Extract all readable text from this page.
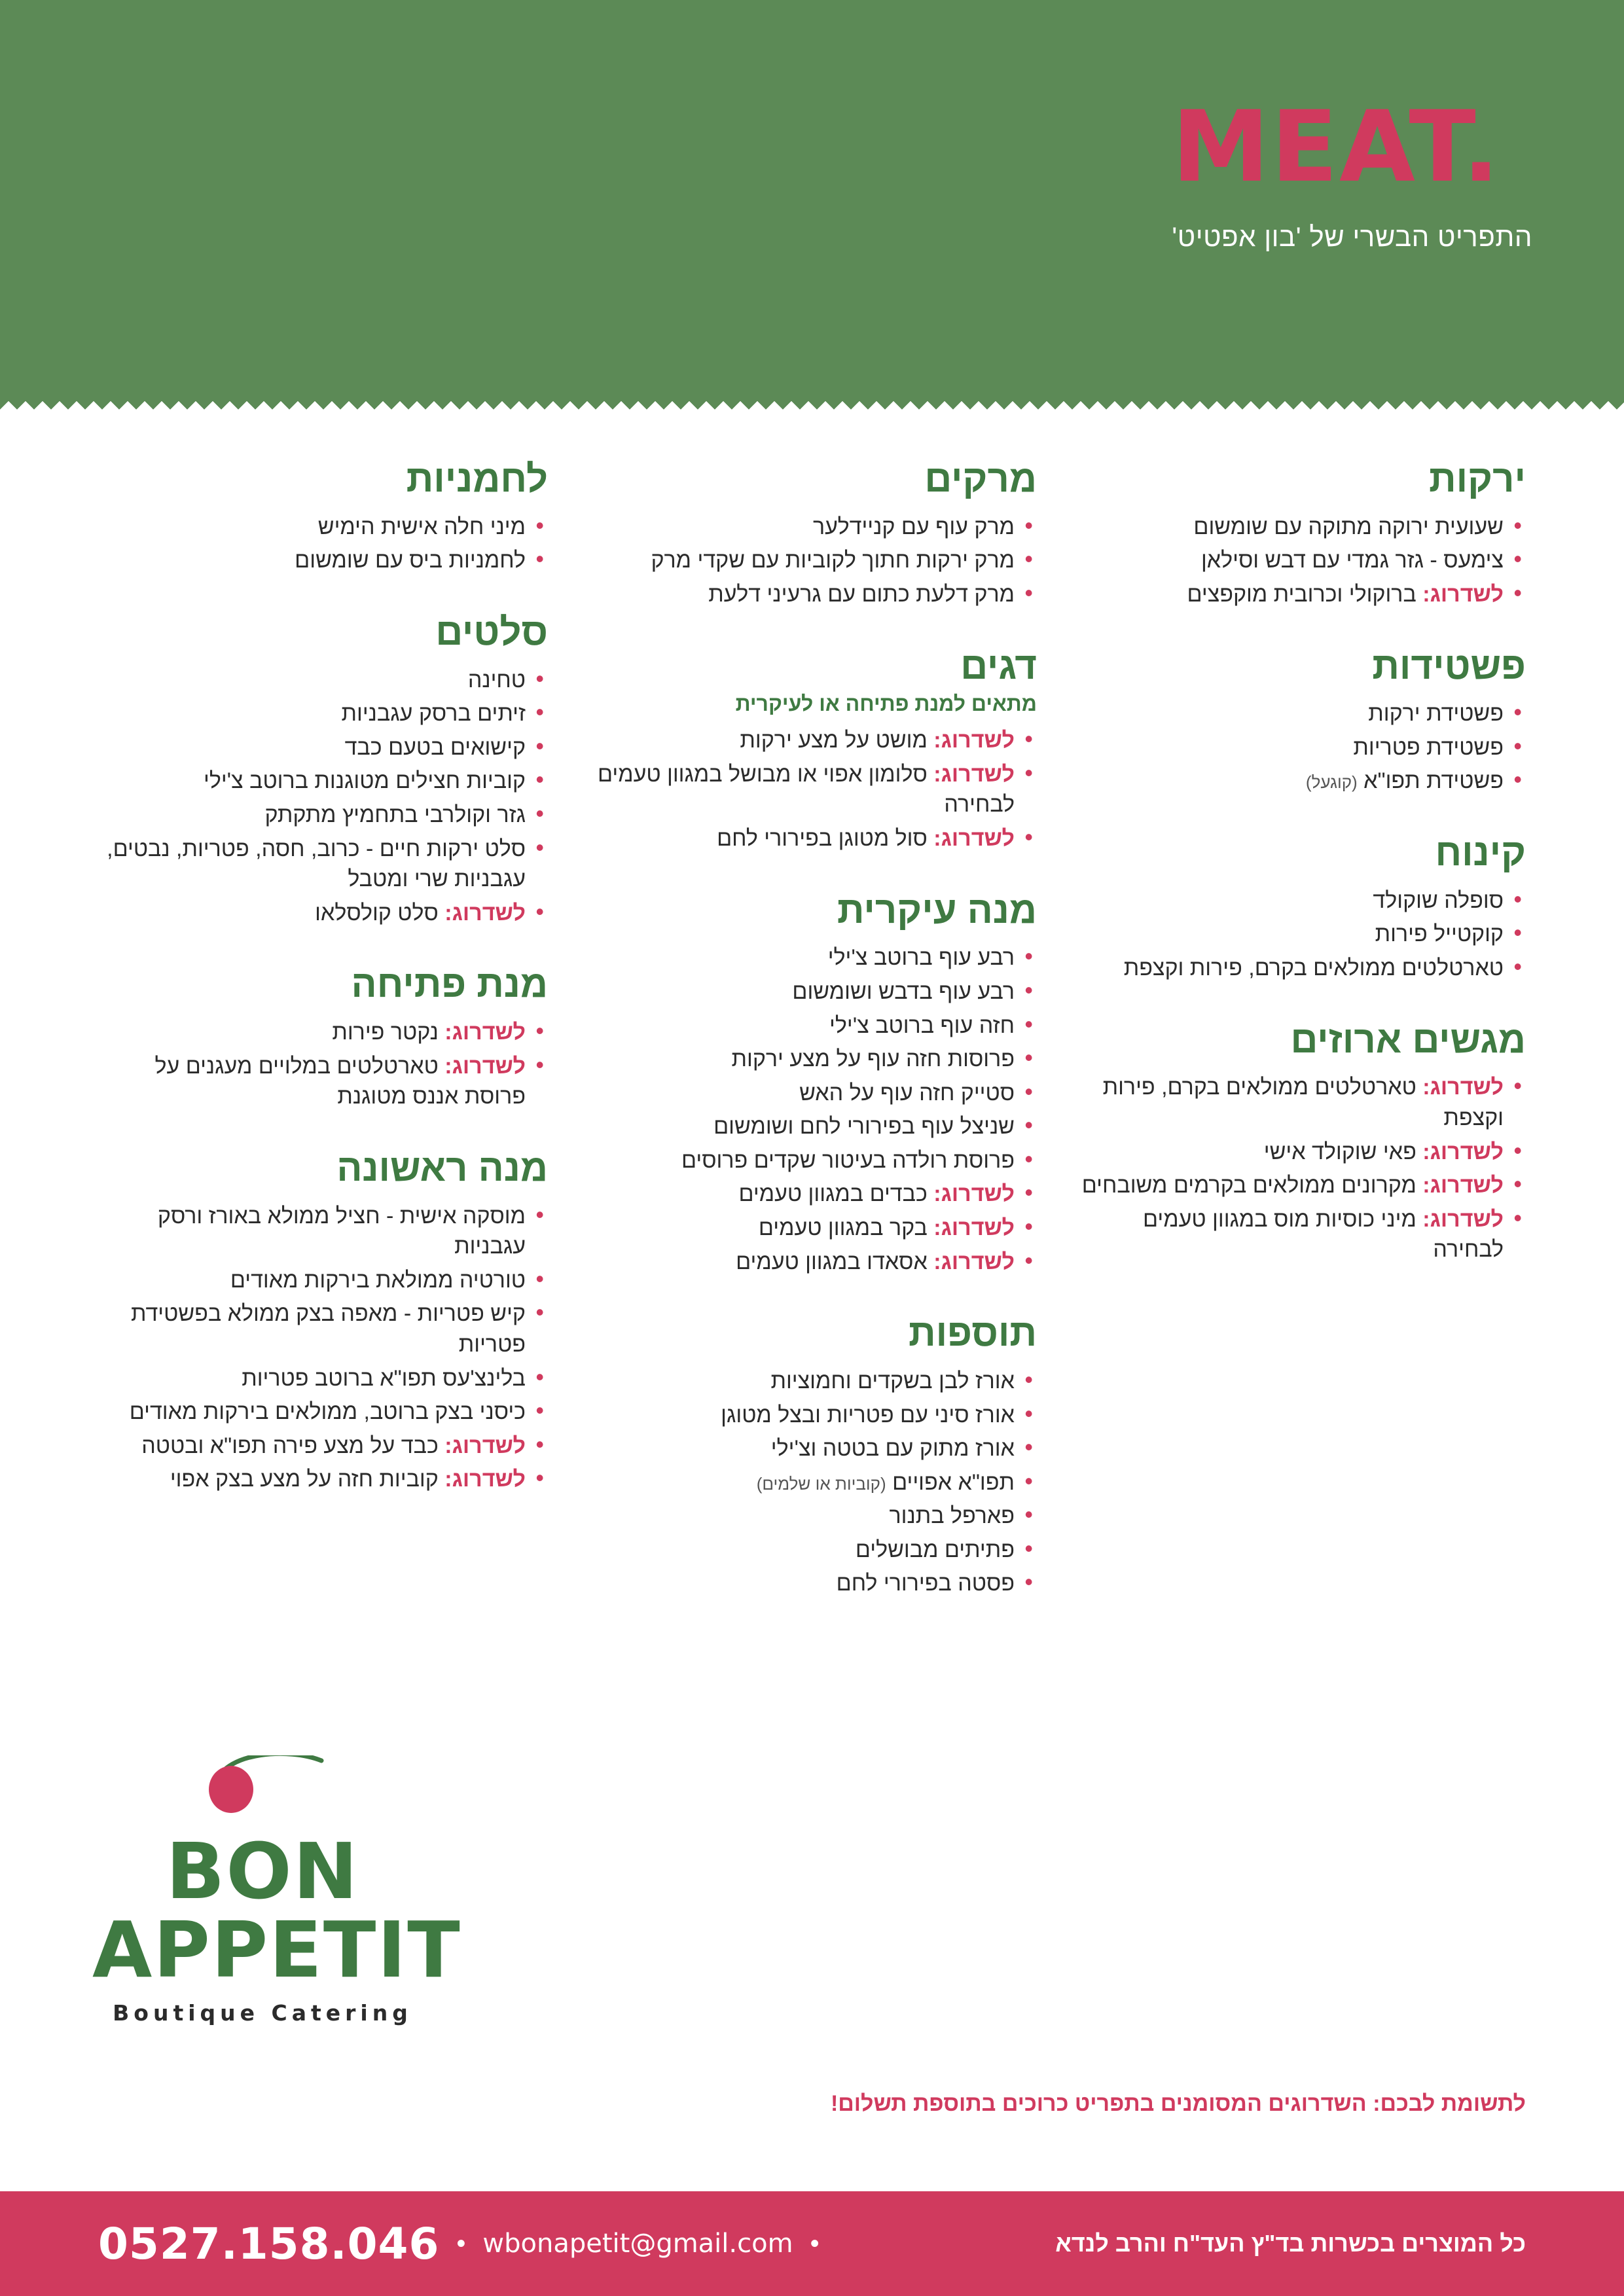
MEAT.
התפריט הבשרי של 'בון אפטיט'
ירקות
• שעועית ירוקה מתוקה עם שומשום
• צימעס - גזר גמדי עם דבש וסילאן
• לשדרוג: ברוקולי וכרובית מוקפצים
פשטידות
• פשטידת ירקות
• פשטידת פטריות
• פשטידת תפו"א (קוגעל)
קינוח
• סופלה שוקולד
• קוקטייל פירות
• טארטלטים ממולאים בקרם, פירות וקצפת
מגשים ארוזים
• לשדרוג: טארטלטים ממולאים בקרם, פירות וקצפת
• לשדרוג: פאי שוקולד אישי
• לשדרוג: מקרונים ממולאים בקרמים משובחים
• לשדרוג: מיני כוסיות מוס במגוון טעמים לבחירה
מרקים
• מרק עוף עם קניידלער
• מרק ירקות חתוך לקוביות עם שקדי מרק
• מרק דלעת כתום עם גרעיני דלעת
דגים
מתאים למנת פתיחה או לעיקרית
• לשדרוג: מושט על מצע ירקות
• לשדרוג: סלומון אפוי או מבושל במגוון טעמים לבחירה
• לשדרוג: סול מטוגן בפירורי לחם
מנה עיקרית
• רבע עוף ברוטב צ'ילי
• רבע עוף בדבש ושומשום
• חזה עוף ברוטב צ'ילי
• פרוסות חזה עוף על מצע ירקות
• סטייק חזה עוף על האש
• שניצל עוף בפירורי לחם ושומשום
• פרוסת רולדה בעיטור שקדים פרוסים
• לשדרוג: כבדים במגוון טעמים
• לשדרוג: בקר במגוון טעמים
• לשדרוג: אסאדו במגוון טעמים
תוספות
• אורז לבן בשקדים וחמוציות
• אורז סיני עם פטריות ובצל מטוגן
• אורז מתוק עם בטטה וצ'ילי
• תפו"א אפויים (קוביות או שלמים)
• פארפל בתנור
• פתיתים מבושלים
• פסטה בפירורי לחם
לחמניות
• מיני חלה אישית הימיש
• לחמניות ביס עם שומשום
סלטים
• טחינה
• זיתים ברסק עגבניות
• קישואים בטעם כבד
• קוביות חצילים מטוגנות ברוטב צ'ילי
• גזר וקולרבי בתחמיץ מתקתק
• סלט ירקות חיים - כרוב, חסה, פטריות, נבטים, עגבניות שרי ומטבל
• לשדרוג: סלט קולסלאו
מנת פתיחה
• לשדרוג: נקטר פירות
• לשדרוג: טארטלטים במלויים מעגנים על פרוסת אננס מטוגנת
מנה ראשונה
• מוסקה אישית - חציל ממולא באורז ורסק עגבניות
• טורטיה ממולאת בירקות מאודים
• קיש פטריות - מאפה בצק ממולא בפשטידת פטריות
• בלינצ'עס תפו"א ברוטב פטריות
• כיסני בצק ברוטב, ממולאים בירקות מאודים
• לשדרוג: כבד על מצע פירה תפו"א ובטטה
• לשדרוג: קוביות חזה על מצע בצק אפוי
BON
APPETIT
Boutique Catering
לתשומת לבכם: השדרוגים המסומנים בתפריט כרוכים בתוספת תשלום!
כל המוצרים בכשרות בד"ץ העד"ח והרב לנדא
0527.158.046 • wbonapetit@gmail.com •
